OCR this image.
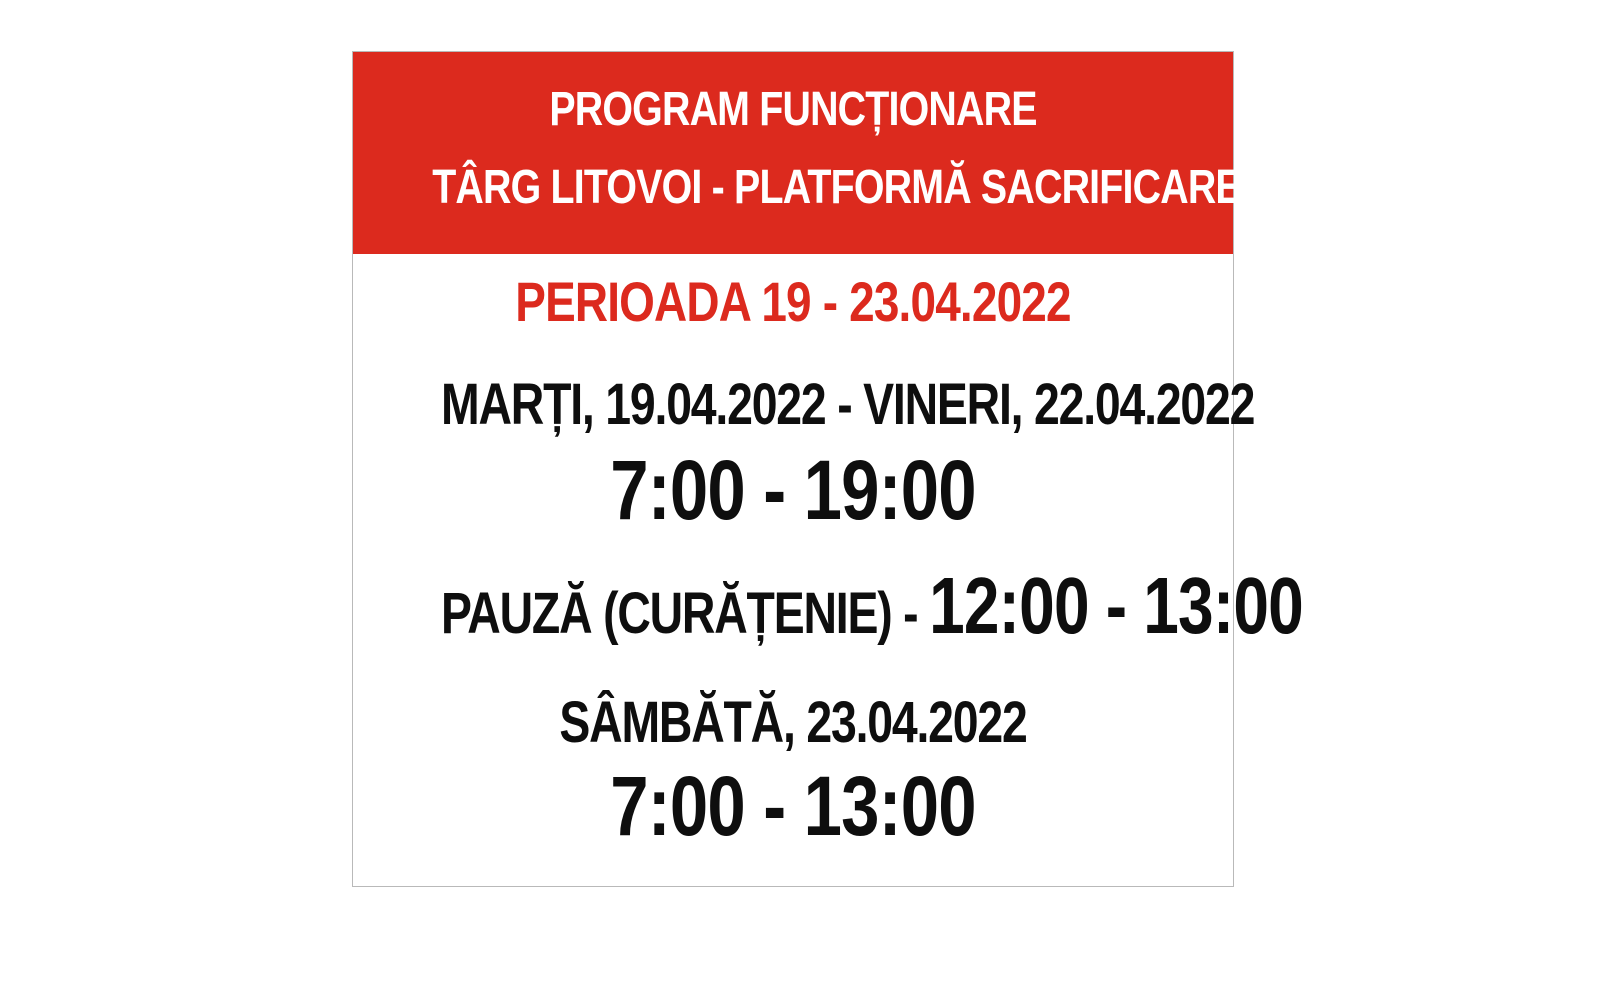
PROGRAM FUNCȚIONARE
TÂRG LITOVOI - PLATFORMĂ SACRIFICARE MIEI
PERIOADA 19 - 23.04.2022
MARȚI, 19.04.2022 - VINERI, 22.04.2022
7:00 - 19:00
PAUZĂ (CURĂȚENIE) - 12:00 - 13:00
SÂMBĂTĂ, 23.04.2022
7:00 - 13:00
